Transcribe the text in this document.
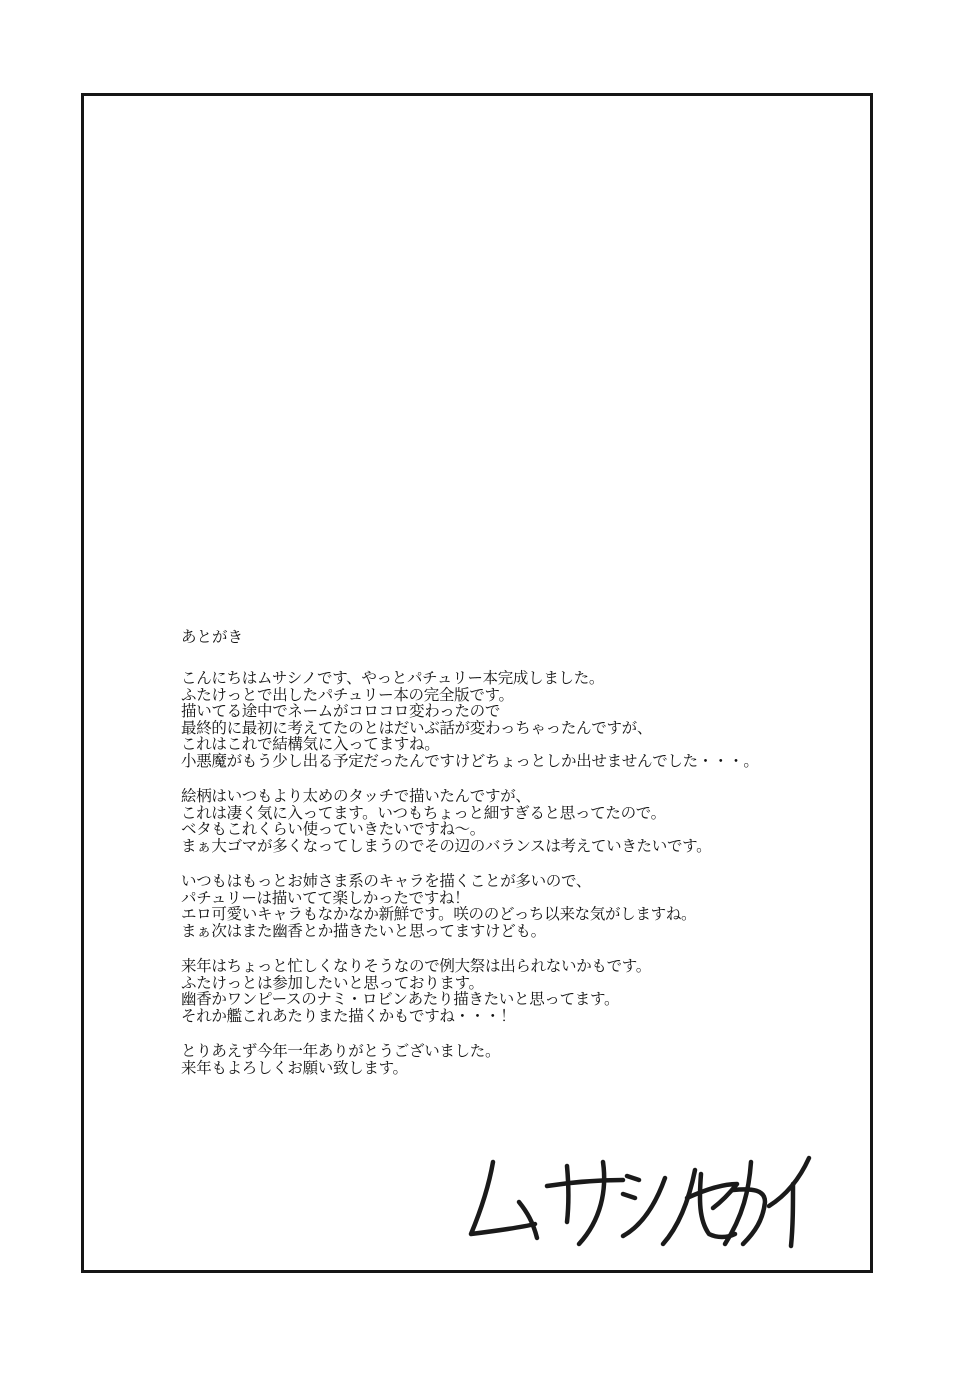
あとがき
こんにちはムサシノです、やっとパチュリー本完成しました。
ふたけっとで出したパチュリー本の完全版です。
描いてる途中でネームがコロコロ変わったので
最終的に最初に考えてたのとはだいぶ話が変わっちゃったんですが、
これはこれで結構気に入ってますね。
小悪魔がもう少し出る予定だったんですけどちょっとしか出せませんでした・・・。
絵柄はいつもより太めのタッチで描いたんですが、
これは凄く気に入ってます。いつもちょっと細すぎると思ってたので。
ベタもこれくらい使っていきたいですね～。
まぁ大ゴマが多くなってしまうのでその辺のバランスは考えていきたいです。
いつもはもっとお姉さま系のキャラを描くことが多いので、
パチュリーは描いてて楽しかったですね！
エロ可愛いキャラもなかなか新鮮です。咲ののどっち以来な気がしますね。
まぁ次はまた幽香とか描きたいと思ってますけども。
来年はちょっと忙しくなりそうなので例大祭は出られないかもです。
ふたけっとは参加したいと思っております。
幽香かワンピースのナミ・ロビンあたり描きたいと思ってます。
それか艦これあたりまた描くかもですね・・・！
とりあえず今年一年ありがとうございました。
来年もよろしくお願い致します。
